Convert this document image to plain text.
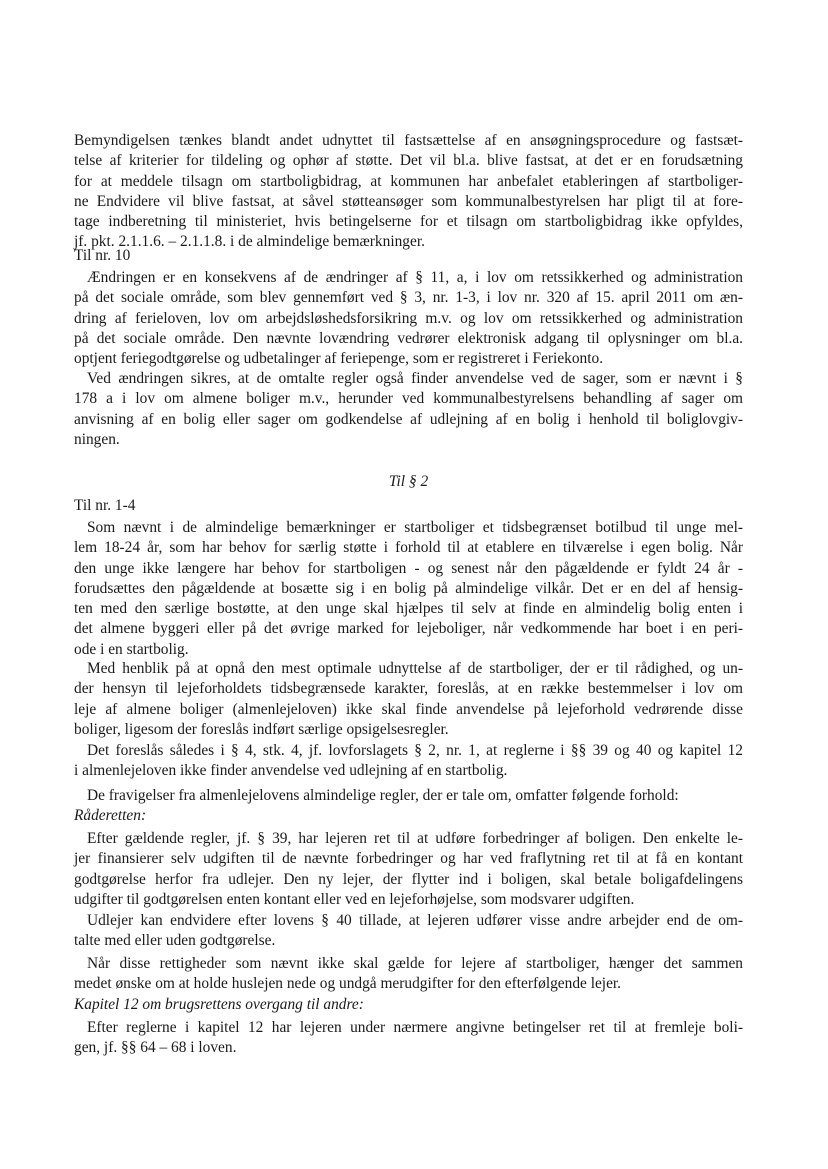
Bemyndigelsen tænkes blandt andet udnyttet til fastsættelse af en ansøgningsprocedure og fastsæt-
telse af kriterier for tildeling og ophør af støtte. Det vil bl.a. blive fastsat, at det er en forudsætning
for at meddele tilsagn om startboligbidrag, at kommunen har anbefalet etableringen af startboliger-
ne Endvidere vil blive fastsat, at såvel støtteansøger som kommunalbestyrelsen har pligt til at fore-
tage indberetning til ministeriet, hvis betingelserne for et tilsagn om startboligbidrag ikke opfyldes,
jf. pkt. 2.1.1.6. – 2.1.1.8. i de almindelige bemærkninger.
Til nr. 10
Ændringen er en konsekvens af de ændringer af § 11, a, i lov om retssikkerhed og administration
på det sociale område, som blev gennemført ved § 3, nr. 1-3, i lov nr. 320 af 15. april 2011 om æn-
dring af ferieloven, lov om arbejdsløshedsforsikring m.v. og lov om retssikkerhed og administration
på det sociale område. Den nævnte lovændring vedrører elektronisk adgang til oplysninger om bl.a.
optjent feriegodtgørelse og udbetalinger af feriepenge, som er registreret i Feriekonto.
Ved ændringen sikres, at de omtalte regler også finder anvendelse ved de sager, som er nævnt i §
178 a i lov om almene boliger m.v., herunder ved kommunalbestyrelsens behandling af sager om
anvisning af en bolig eller sager om godkendelse af udlejning af en bolig i henhold til boliglovgiv-
ningen.
Til § 2
Til nr. 1-4
Som nævnt i de almindelige bemærkninger er startboliger et tidsbegrænset botilbud til unge mel-
lem 18-24 år, som har behov for særlig støtte i forhold til at etablere en tilværelse i egen bolig. Når
den unge ikke længere har behov for startboligen - og senest når den pågældende er fyldt 24 år -
forudsættes den pågældende at bosætte sig i en bolig på almindelige vilkår. Det er en del af hensig-
ten med den særlige bostøtte, at den unge skal hjælpes til selv at finde en almindelig bolig enten i
det almene byggeri eller på det øvrige marked for lejeboliger, når vedkommende har boet i en peri-
ode i en startbolig.
Med henblik på at opnå den mest optimale udnyttelse af de startboliger, der er til rådighed, og un-
der hensyn til lejeforholdets tidsbegrænsede karakter, foreslås, at en række bestemmelser i lov om
leje af almene boliger (almenlejeloven) ikke skal finde anvendelse på lejeforhold vedrørende disse
boliger, ligesom der foreslås indført særlige opsigelsesregler.
Det foreslås således i § 4, stk. 4, jf. lovforslagets § 2, nr. 1, at reglerne i §§ 39 og 40 og kapitel 12
i almenlejeloven ikke finder anvendelse ved udlejning af en startbolig.
De fravigelser fra almenlejelovens almindelige regler, der er tale om, omfatter følgende forhold:
Råderetten:
Efter gældende regler, jf. § 39, har lejeren ret til at udføre forbedringer af boligen. Den enkelte le-
jer finansierer selv udgiften til de nævnte forbedringer og har ved fraflytning ret til at få en kontant
godtgørelse herfor fra udlejer. Den ny lejer, der flytter ind i boligen, skal betale boligafdelingens
udgifter til godtgørelsen enten kontant eller ved en lejeforhøjelse, som modsvarer udgiften.
Udlejer kan endvidere efter lovens § 40 tillade, at lejeren udfører visse andre arbejder end de om-
talte med eller uden godtgørelse.
Når disse rettigheder som nævnt ikke skal gælde for lejere af startboliger, hænger det sammen
medet ønske om at holde huslejen nede og undgå merudgifter for den efterfølgende lejer.
Kapitel 12 om brugsrettens overgang til andre:
Efter reglerne i kapitel 12 har lejeren under nærmere angivne betingelser ret til at fremleje boli-
gen, jf. §§ 64 – 68 i loven.
